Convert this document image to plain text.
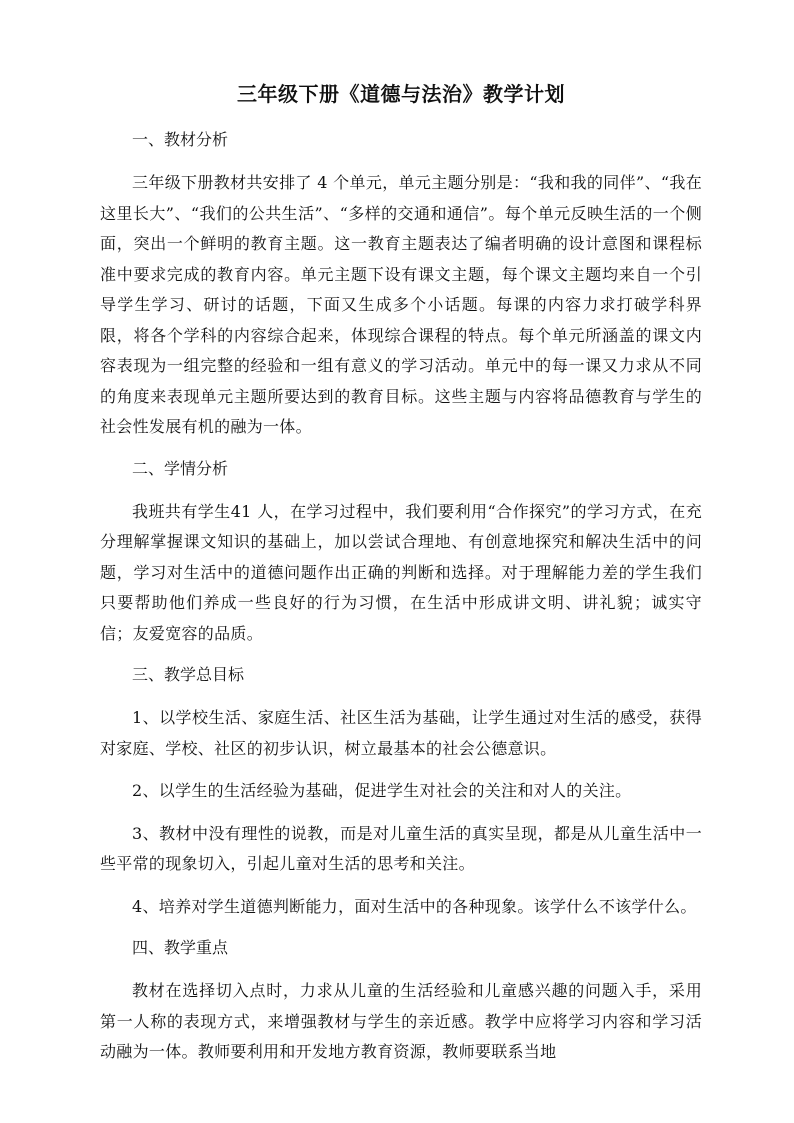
三年级下册《道德与法治》教学计划

一、教材分析

三年级下册教材共安排了 4 个单元，单元主题分别是：“我和我的同伴”、“我在这里长大”、“我们的公共生活”、“多样的交通和通信”。每个单元反映生活的一个侧面，突出一个鲜明的教育主题。这一教育主题表达了编者明确的设计意图和课程标准中要求完成的教育内容。单元主题下设有课文主题，每个课文主题均来自一个引导学生学习、研讨的话题，下面又生成多个小话题。每课的内容力求打破学科界限，将各个学科的内容综合起来，体现综合课程的特点。每个单元所涵盖的课文内容表现为一组完整的经验和一组有意义的学习活动。单元中的每一课又力求从不同的角度来表现单元主题所要达到的教育目标。这些主题与内容将品德教育与学生的社会性发展有机的融为一体。

二、学情分析

我班共有学生41 人，在学习过程中，我们要利用“合作探究”的学习方式，在充分理解掌握课文知识的基础上，加以尝试合理地、有创意地探究和解决生活中的问题，学习对生活中的道德问题作出正确的判断和选择。对于理解能力差的学生我们只要帮助他们养成一些良好的行为习惯，在生活中形成讲文明、讲礼貌；诚实守信；友爱宽容的品质。

三、教学总目标

1、以学校生活、家庭生活、社区生活为基础，让学生通过对生活的感受，获得对家庭、学校、社区的初步认识，树立最基本的社会公德意识。

2、以学生的生活经验为基础，促进学生对社会的关注和对人的关注。

3、教材中没有理性的说教，而是对儿童生活的真实呈现，都是从儿童生活中一些平常的现象切入，引起儿童对生活的思考和关注。

4、培养对学生道德判断能力，面对生活中的各种现象。该学什么不该学什么。

四、教学重点

教材在选择切入点时，力求从儿童的生活经验和儿童感兴趣的问题入手，采用第一人称的表现方式，来增强教材与学生的亲近感。教学中应将学习内容和学习活动融为一体。教师要利用和开发地方教育资源，教师要联系当地
